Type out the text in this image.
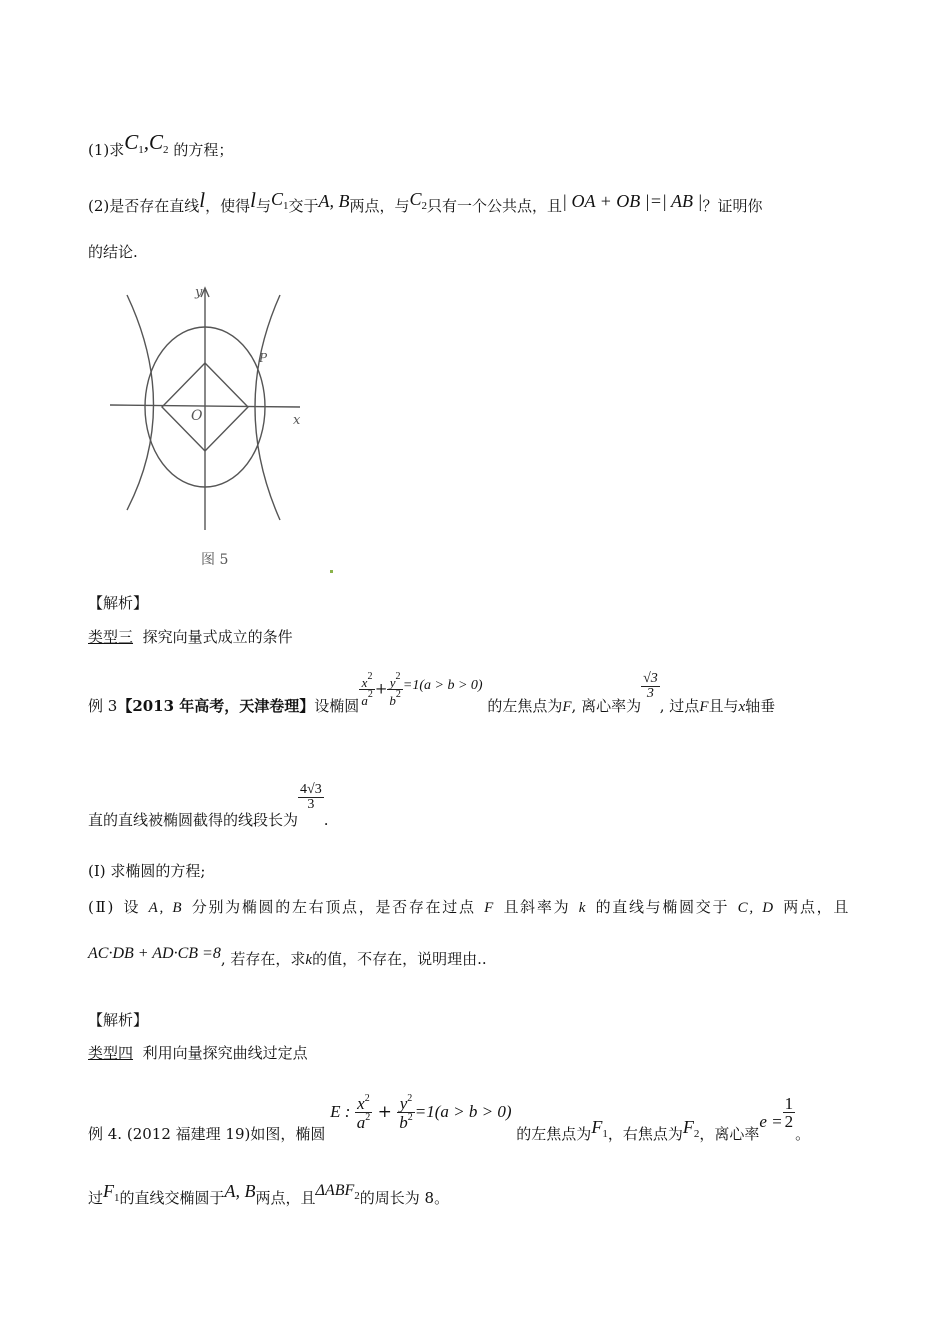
(1)求$C_1,C_2$ 的方程；
(2)是否存在直线l，使得l与$C_1$交于A, B两点，与$C_2$只有一个公共点，且| OA + OB |=| AB |？证明你
的结论.
y
x
O
P
图 5
【解析】
类型三 探究向量式成立的条件
例 3【2013 年高考，天津卷理】设椭圆 $\frac{x^2}{a^2} + \frac{y^2}{b^2} =1(a > b > 0)$ 的左焦点为F, 离心率为
$\frac{√3}{3}$
, 过点F且与x轴垂
直的直线被椭圆截得的线段长为
$\frac{4√3}{3}$
.
(I) 求椭圆的方程;
(Ⅱ) 设 A, B 分别为椭圆的左右顶点，是否存在过点 F 且斜率为 k 的直线与椭圆交于 C, D 两点，且
AC·DB + AD·CB =8, 若存在，求k的值，不存在，说明理由..
【解析】
类型四 利用向量探究曲线过定点
例 4. (2012 福建理 19)如图，椭圆 E : $\frac{x^2}{a^2} + \frac{y^2}{b^2} =1(a > b > 0)$ 的左焦点为$F_1$，右焦点为$F_2$，离心率$e = \frac{1}{2}$
。
过$F_1$的直线交椭圆于A, B两点，且$\Delta ABF_2$的周长为 8。
